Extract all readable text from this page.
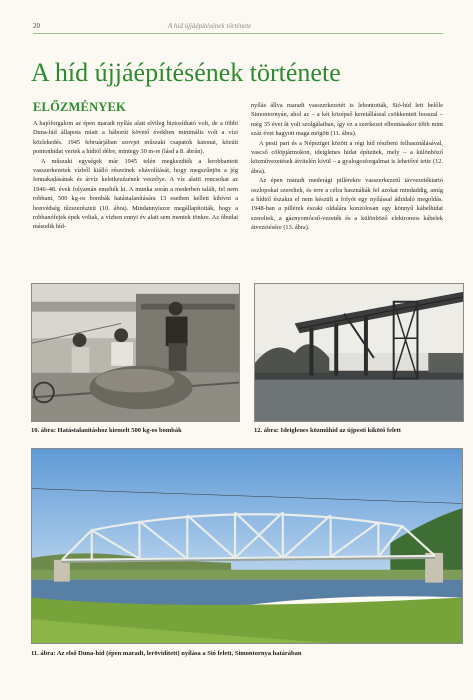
20	A híd újjáépítésének története
A híd újjáépítésének története
ELŐZMÉNYEK

A hajóforgalom az épen maradt nyílás alatt elvileg biztosítható volt, de a többi Duna-híd állapota miatt a háborút követő években minimális volt a vízi közlekedés. 1945 februárjában szovjet műszaki csapatok katonai, közúti pontonhidat vertek a hídtól délre, mintegy 30 m-re (lásd a 8. ábrán).

A műszaki egységek már 1945 telén megkezdték a lerobbantott vasszerkezetek vízből kiálló részeinek eltávolítását, hogy megszűnjön a jég fennakadásának és árvíz keletkezésének veszélye. A víz alatti roncsokat az 1946–48. évek folyamán emelték ki. A munka során a mederben talált, fel nem robbant, 500 kg-os bombák hatástalanítására 13 esetben kellett kihívni a honvédség tűzszerészeit (10. ábra). Mindannyiszor megállapították, hogy a robbanófejek épek voltak, a vízben ennyi év alatt sem mentek tönkre. Az óbudai második híd-

nyílás állva maradt vasszerkezetét is lebontották, Sió-híd lett belőle Simontornyán, ahol az – a két középső keretállással csökkentett hosszal – még 35 évet ât volt szolgálatban, így ez a szerkezet elbontásakor több mint száz évet hagyott maga mögött (11. ábra).

A pesti part és a Népsziget között a régi híd részbeni felhasználásával, vascső cölöpjármokon, ideiglenes hidat építettek, mely – a különböző közművezetések átvitelén kívül – a gyalogosforgalmat is lehetővé tette (12. ábra).

Az épen maradt mederági pillérekre vasszerkezetű távvezetéktartó oszlopokat szereltek, és erre a célra használták fel azokat mindaddig, amíg a hídtól északra el nem készült a folyót egy nyílással áthidaló megoldás. 1948-ban a pillérek északi oldalára konzolosan egy könnyű kábelhidat szereltek, a gáznyomócső-vezeték és a különböző elektromos kábelek átvezetésére (13. ábra).

10. ábra: Hatástalanításhoz kiemelt 500 kg-os bombák	12. ábra: Ideiglenes közműhíd az újpesti kikötő felett
11. ábra: Az első Duna-híd (épen maradt, lerövidített) nyílása a Sió felett, Simontornya határában
